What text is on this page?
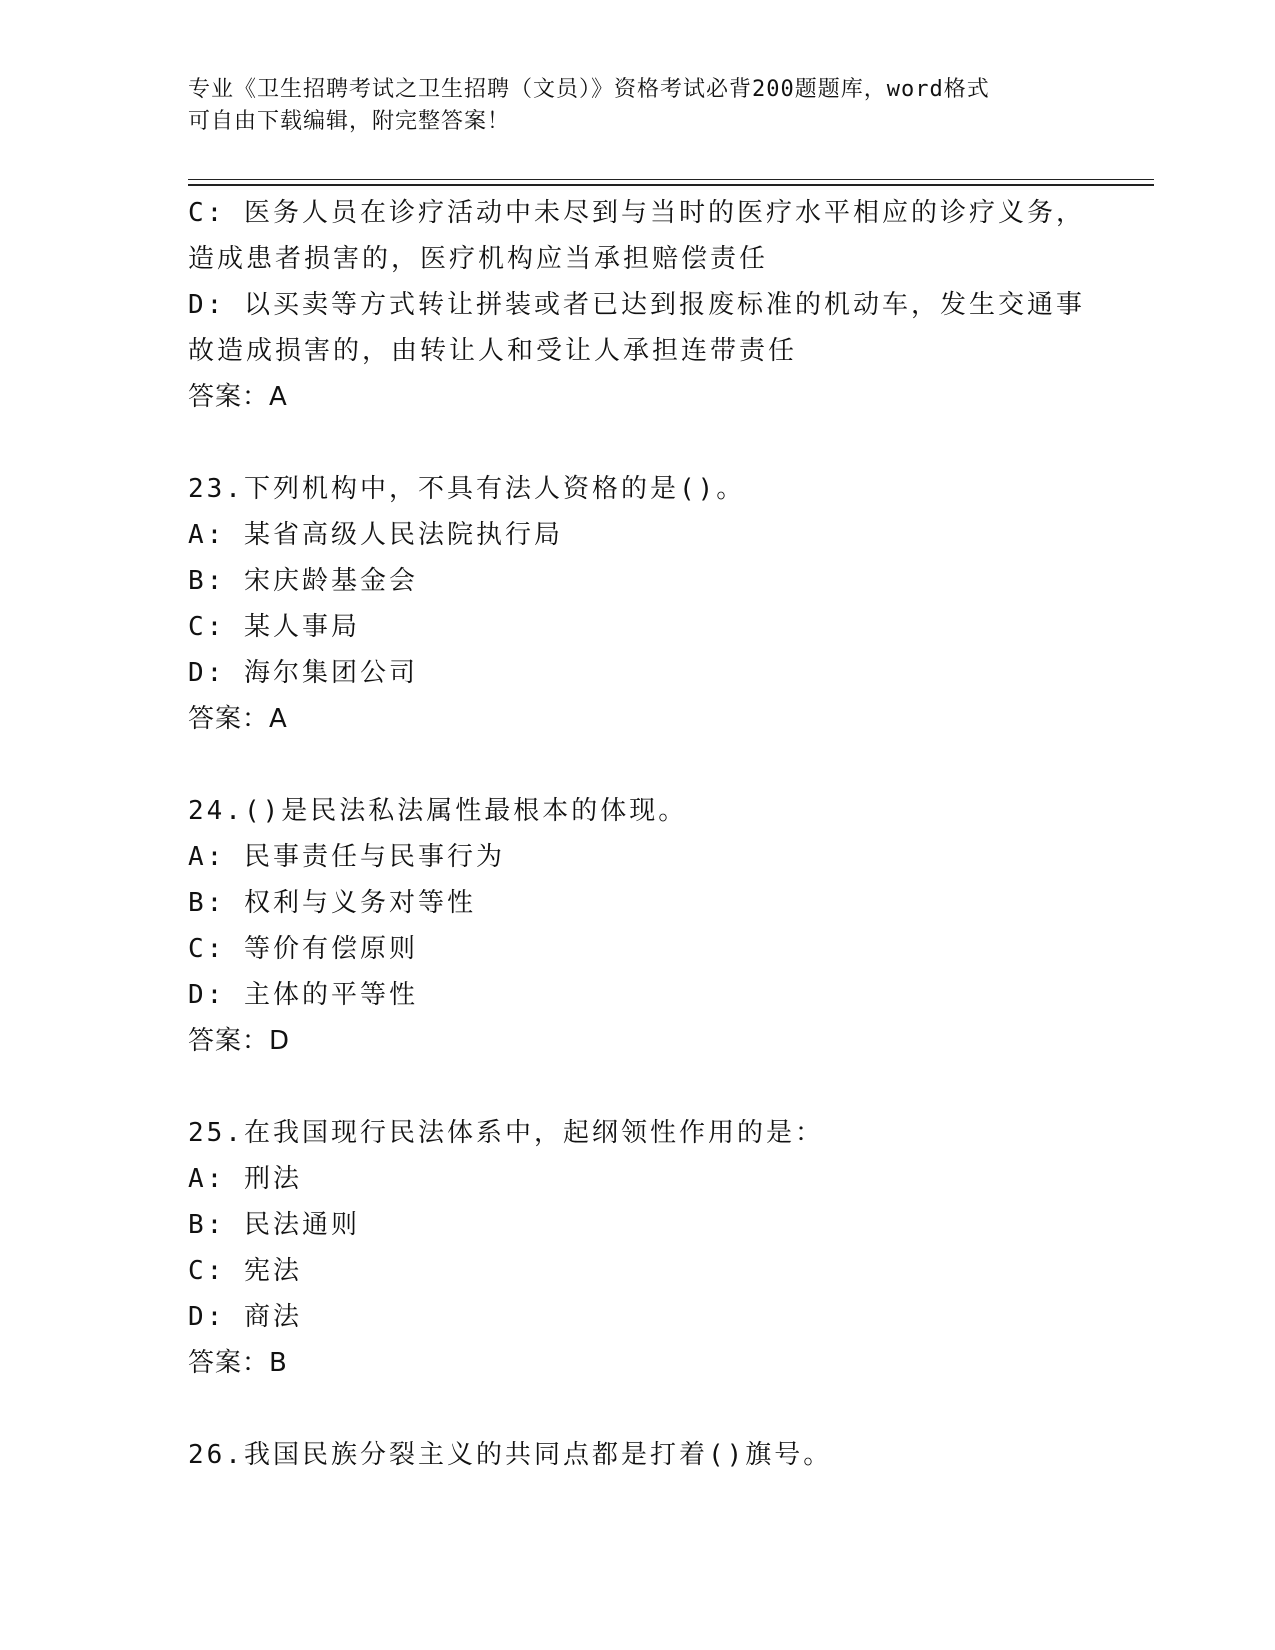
专业《卫生招聘考试之卫生招聘（文员）》资格考试必背200题题库，word格式
可自由下载编辑，附完整答案！
C: 医务人员在诊疗活动中未尽到与当时的医疗水平相应的诊疗义务，
造成患者损害的，医疗机构应当承担赔偿责任
D: 以买卖等方式转让拼装或者已达到报废标准的机动车，发生交通事
故造成损害的，由转让人和受让人承担连带责任
答案：A
23.下列机构中，不具有法人资格的是()。
A: 某省高级人民法院执行局
B: 宋庆龄基金会
C: 某人事局
D: 海尔集团公司
答案：A
24.()是民法私法属性最根本的体现。
A: 民事责任与民事行为
B: 权利与义务对等性
C: 等价有偿原则
D: 主体的平等性
答案：D
25.在我国现行民法体系中，起纲领性作用的是：
A: 刑法
B: 民法通则
C: 宪法
D: 商法
答案：B
26.我国民族分裂主义的共同点都是打着()旗号。
